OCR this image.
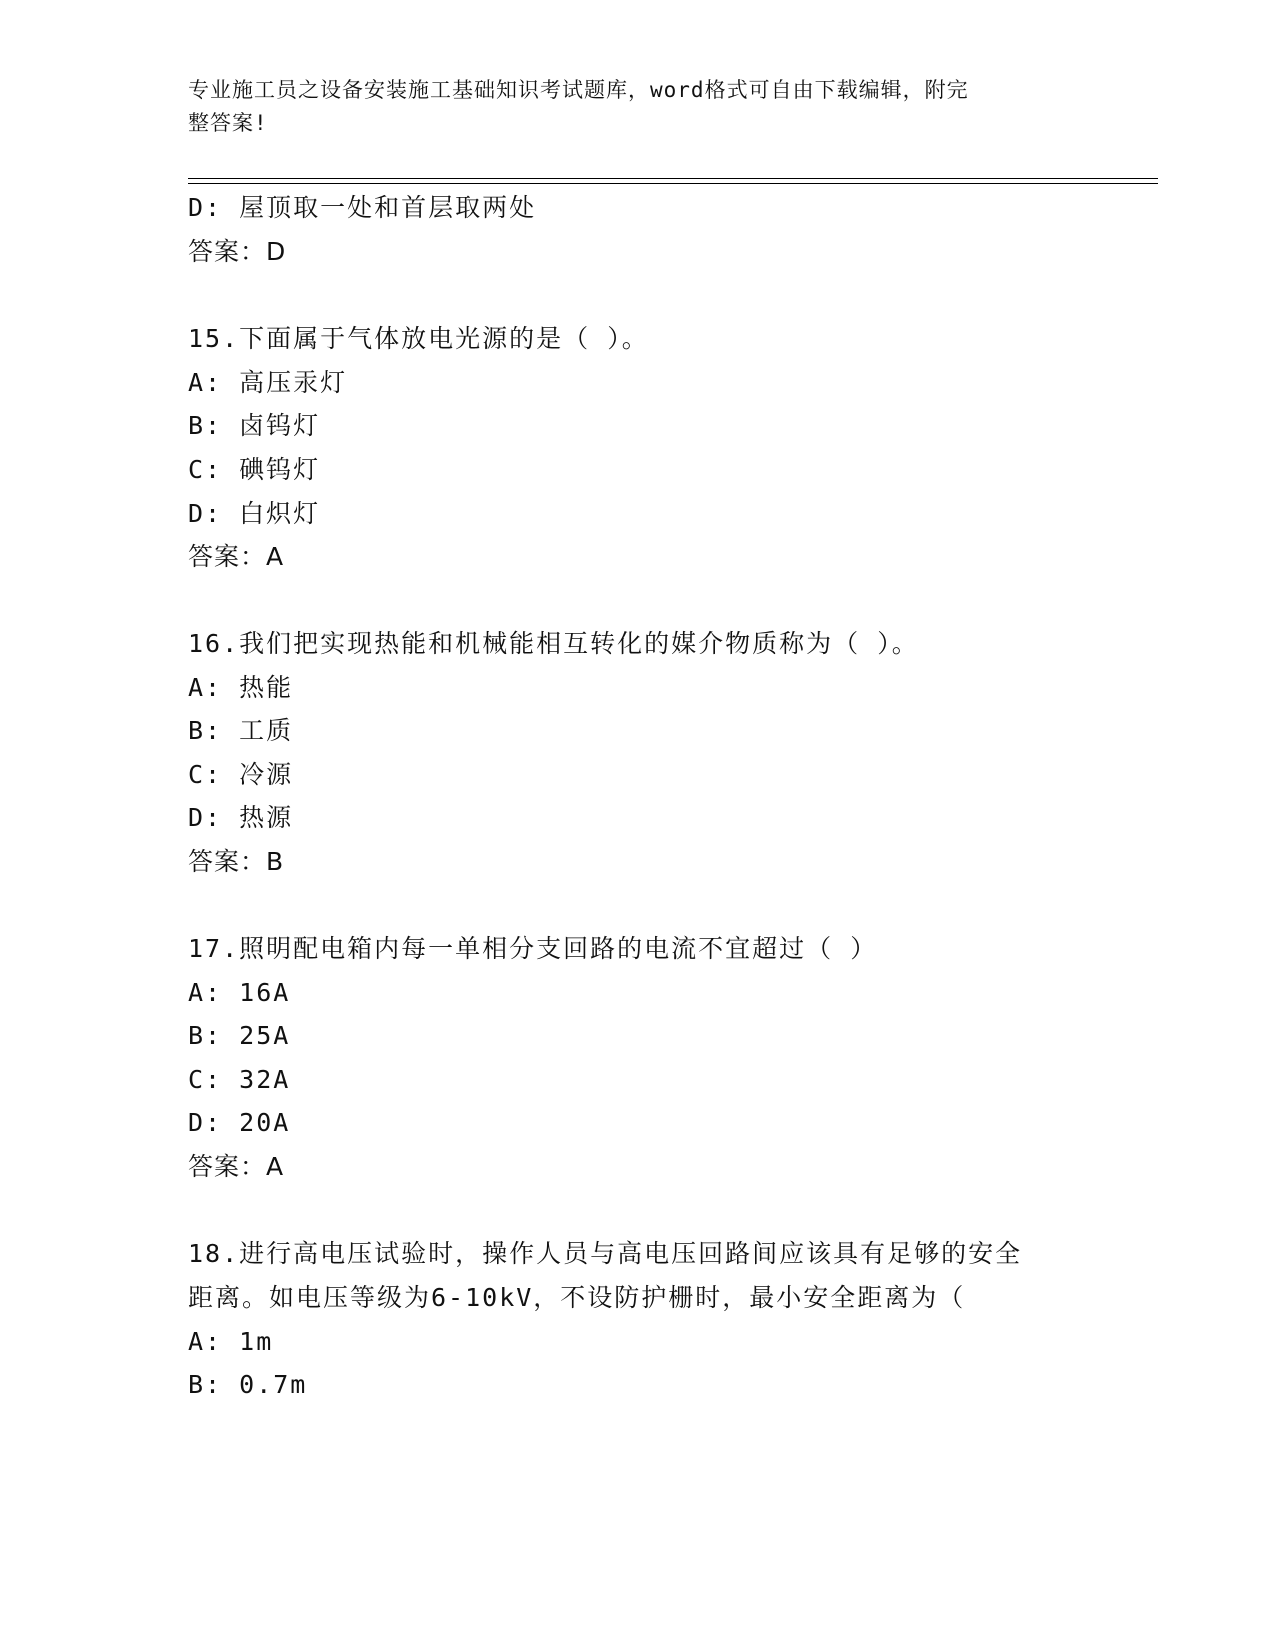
专业施工员之设备安装施工基础知识考试题库，word格式可自由下载编辑，附完
整答案!
D: 屋顶取一处和首层取两处
答案：D
15.下面属于气体放电光源的是（ ）。
A: 高压汞灯
B: 卤钨灯
C: 碘钨灯
D: 白炽灯
答案：A
16.我们把实现热能和机械能相互转化的媒介物质称为（ ）。
A: 热能
B: 工质
C: 冷源
D: 热源
答案：B
17.照明配电箱内每一单相分支回路的电流不宜超过（ ）
A: 16A
B: 25A
C: 32A
D: 20A
答案：A
18.进行高电压试验时，操作人员与高电压回路间应该具有足够的安全
距离。如电压等级为6-10kV，不设防护栅时，最小安全距离为（
A: 1m
B: 0.7m
